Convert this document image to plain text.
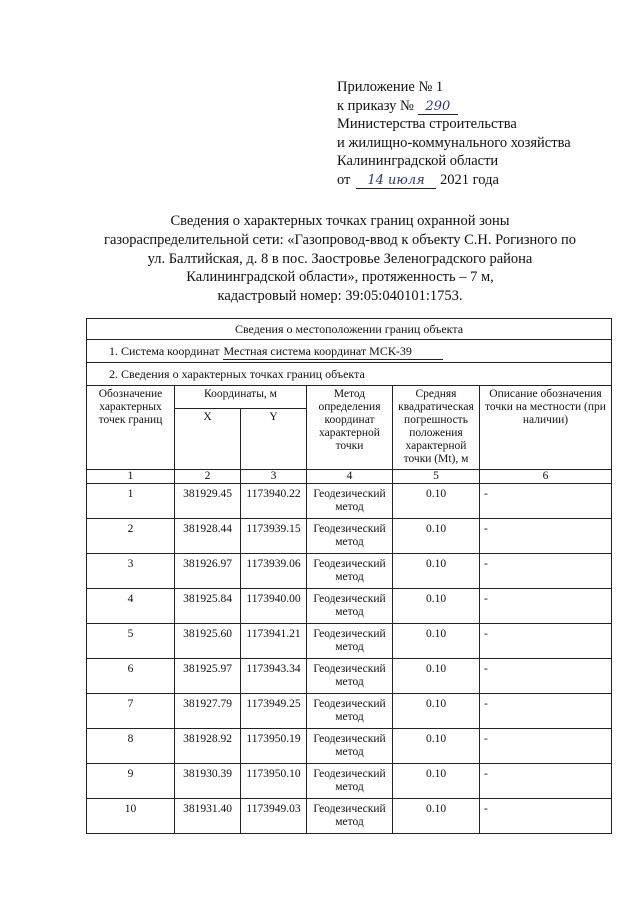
Приложение № 1
к приказу № 290
Министерства строительства
и жилищно-коммунального хозяйства
Калининградской области
от 14 июля 2021 года
Сведения о характерных точках границ охранной зоны
газораспределительной сети: «Газопровод-ввод к объекту С.Н. Рогизного по
ул. Балтийская, д. 8 в пос. Заостровье Зеленоградского района
Калининградской области», протяженность – 7 м,
кадастровый номер: 39:05:040101:1753.
Сведения о местоположении границ объекта					
1. Система координат Местная система координат МСК-39					
2. Сведения о характерных точках границ объекта					
Обозначение характерных точек границ	Координаты, м		Метод определения координат характерной точки	Средняя квадратическая погрешность положения характерной точки (Mt), м	Описание обозначения точки на местности (при наличии)
	X	Y			
1	2	3	4	5	6
1	381929.45	1173940.22	Геодезический метод	0.10	-
2	381928.44	1173939.15	Геодезический метод	0.10	-
3	381926.97	1173939.06	Геодезический метод	0.10	-
4	381925.84	1173940.00	Геодезический метод	0.10	-
5	381925.60	1173941.21	Геодезический метод	0.10	-
6	381925.97	1173943.34	Геодезический метод	0.10	-
7	381927.79	1173949.25	Геодезический метод	0.10	-
8	381928.92	1173950.19	Геодезический метод	0.10	-
9	381930.39	1173950.10	Геодезический метод	0.10	-
10	381931.40	1173949.03	Геодезический метод	0.10	-
